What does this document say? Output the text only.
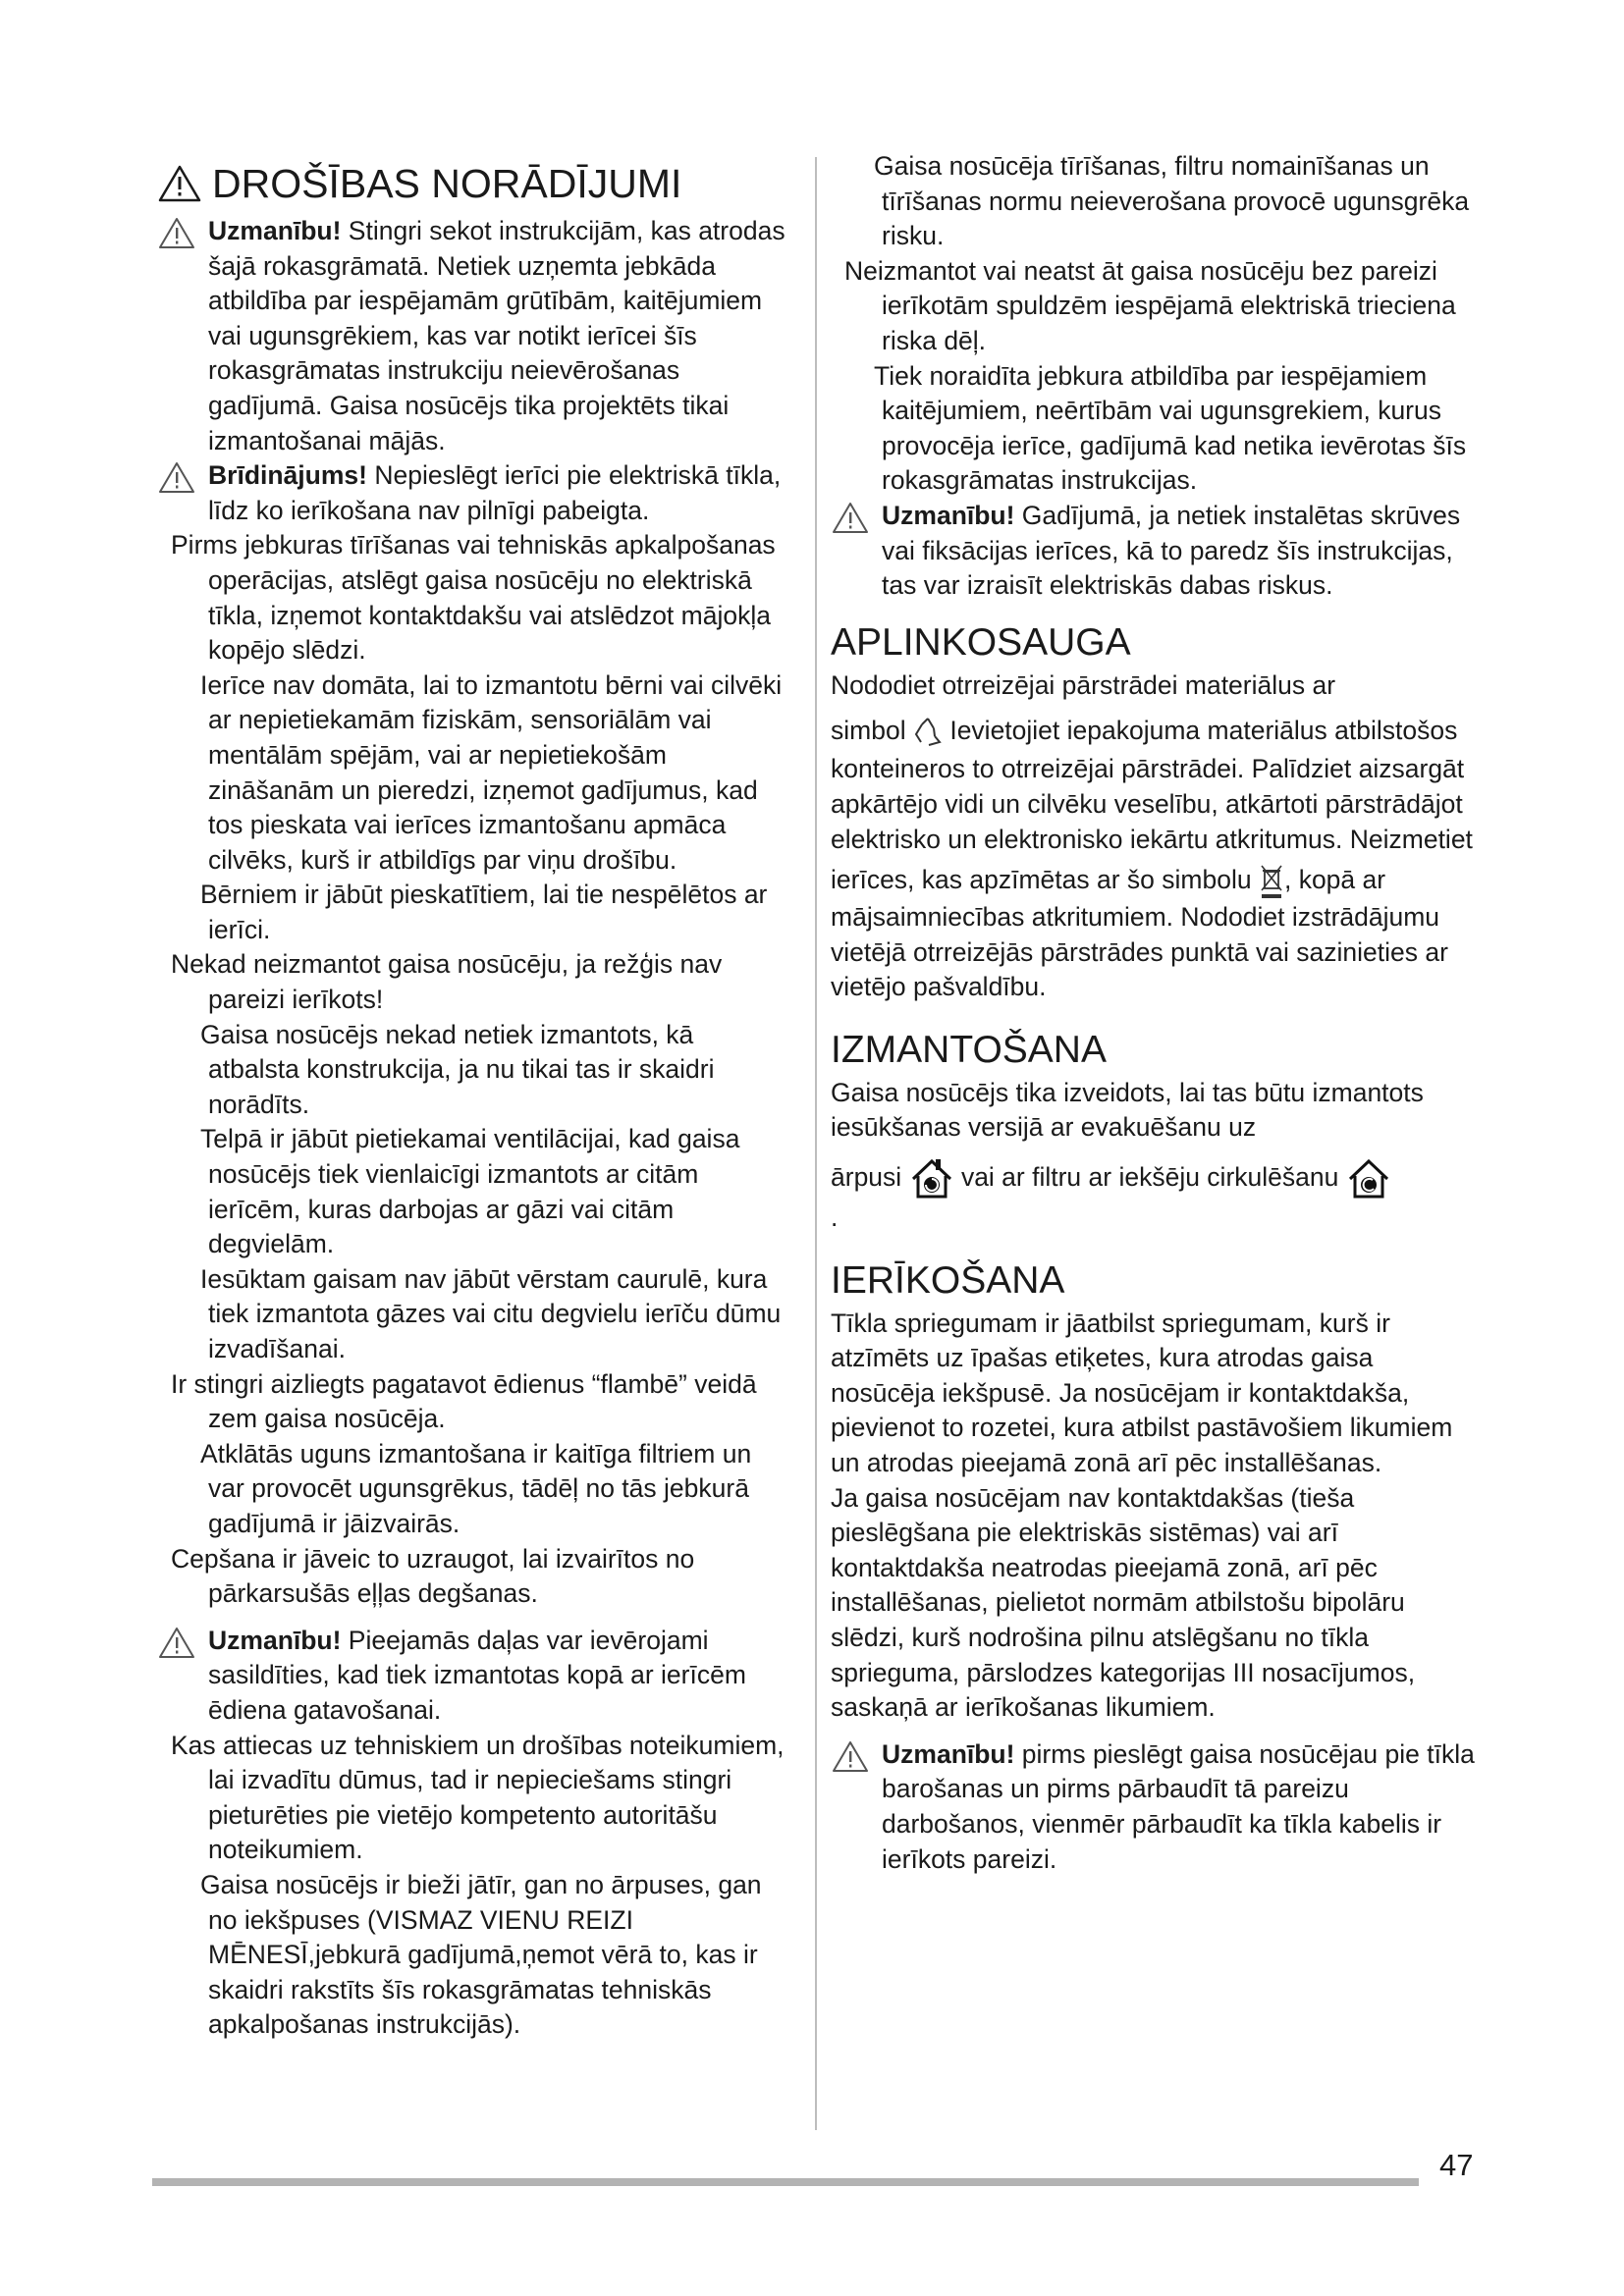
DROŠĪBAS NORĀDĪJUMI

Uzmanību! Stingri sekot instrukcijām, kas atrodas šajā rokasgrāmatā. Netiek uzņemta jebkāda atbildība par iespējamām grūtībām, kaitējumiem vai ugunsgrēkiem, kas var notikt ierīcei šīs rokasgrāmatas instrukciju neievērošanas gadījumā. Gaisa nosūcējs tika projektēts tikai izmantošanai mājās.

Brīdinājums! Nepieslēgt ierīci pie elektriskā tīkla, līdz ko ierīkošana nav pilnīgi pabeigta.

Pirms jebkuras tīrīšanas vai tehniskās apkalpošanas operācijas, atslēgt gaisa nosūcēju no elektriskā tīkla, izņemot kontaktdakšu vai atslēdzot mājokļa kopējo slēdzi.

Ierīce nav domāta, lai to izmantotu bērni vai cilvēki ar nepietiekamām fiziskām, sensoriālām vai mentālām spējām, vai ar nepietiekošām zināšanām un pieredzi, izņemot gadījumus, kad tos pieskata vai ierīces izmantošanu apmāca cilvēks, kurš ir atbildīgs par viņu drošību.

Bērniem ir jābūt pieskatītiem, lai tie nespēlētos ar ierīci.

Nekad neizmantot gaisa nosūcēju, ja režģis nav pareizi ierīkots!

Gaisa nosūcējs nekad netiek izmantots, kā atbalsta konstrukcija, ja nu tikai tas ir skaidri norādīts.

Telpā ir jābūt pietiekamai ventilācijai, kad gaisa nosūcējs tiek vienlaicīgi izmantots ar citām ierīcēm, kuras darbojas ar gāzi vai citām degvielām.

Iesūktam gaisam nav jābūt vērstam caurulē, kura tiek izmantota gāzes vai citu degvielu ierīču dūmu izvadīšanai.

Ir stingri aizliegts pagatavot ēdienus “flambē” veidā zem gaisa nosūcēja.

Atklātās uguns izmantošana ir kaitīga filtriem un var provocēt ugunsgrēkus, tādēļ no tās jebkurā gadījumā ir jāizvairās.

Cepšana ir jāveic to uzraugot, lai izvairītos no pārkarsušās eļļas degšanas.

Uzmanību! Pieejamās daļas var ievērojami sasildīties, kad tiek izmantotas kopā ar ierīcēm ēdiena gatavošanai.

Kas attiecas uz tehniskiem un drošības noteikumiem, lai izvadītu dūmus, tad ir nepieciešams stingri pieturēties pie vietējo kompetento autoritāšu noteikumiem.

Gaisa nosūcējs ir bieži jātīr, gan no ārpuses, gan no iekšpuses (VISMAZ VIENU REIZI MĒNESĪ,jebkurā gadījumā,ņemot vērā to, kas ir skaidri rakstīts šīs rokasgrāmatas tehniskās apkalpošanas instrukcijās).

Gaisa nosūcēja tīrīšanas, filtru nomainīšanas un tīrīšanas normu neieverošana provocē ugunsgrēka risku.

Neizmantot vai neatst āt gaisa nosūcēju bez pareizi ierīkotām spuldzēm iespējamā elektriskā trieciena riska dēļ.

Tiek noraidīta jebkura atbildība par iespējamiem kaitējumiem, neērtībām vai ugunsgrekiem, kurus provocēja ierīce, gadījumā kad netika ievērotas šīs rokasgrāmatas instrukcijas.

Uzmanību! Gadījumā, ja netiek instalētas skrūves vai fiksācijas ierīces, kā to paredz šīs instrukcijas, tas var izraisīt elektriskās dabas riskus.

APLINKOSAUGA

Nododiet otrreizējai pārstrādei materiālus ar

simbol Ievietojiet iepakojuma materiālus atbilstošos konteineros to otrreizējai pārstrādei. Palīdziet aizsargāt apkārtējo vidi un cilvēku veselību, atkārtoti pārstrādājot elektrisko un elektronisko iekārtu atkritumus. Neizmetiet

ierīces, kas apzīmētas ar šo simbolu , kopā ar mājsaimniecības atkritumiem. Nododiet izstrādājumu vietējā otrreizējās pārstrādes punktā vai sazinieties ar vietējo pašvaldību.

IZMANTOŠANA

Gaisa nosūcējs tika izveidots, lai tas būtu izmantots iesūkšanas versijā ar evakuēšanu uz

ārpusi vai ar filtru ar iekšēju cirkulēšanu

.

IERĪKOŠANA

Tīkla spriegumam ir jāatbilst spriegumam, kurš ir atzīmēts uz īpašas etiķetes, kura atrodas gaisa nosūcēja iekšpusē. Ja nosūcējam ir kontaktdakša, pievienot to rozetei, kura atbilst pastāvošiem likumiem un atrodas pieejamā zonā arī pēc installēšanas.

Ja gaisa nosūcējam nav kontaktdakšas (tieša pieslēgšana pie elektriskās sistēmas) vai arī kontaktdakša neatrodas pieejamā zonā, arī pēc installēšanas, pielietot normām atbilstošu bipolāru slēdzi, kurš nodrošina pilnu atslēgšanu no tīkla sprieguma, pārslodzes kategorijas III nosacījumos, saskaņā ar ierīkošanas likumiem.

Uzmanību! pirms pieslēgt gaisa nosūcējau pie tīkla barošanas un pirms pārbaudīt tā pareizu darbošanos, vienmēr pārbaudīt ka tīkla kabelis ir ierīkots pareizi.

47
